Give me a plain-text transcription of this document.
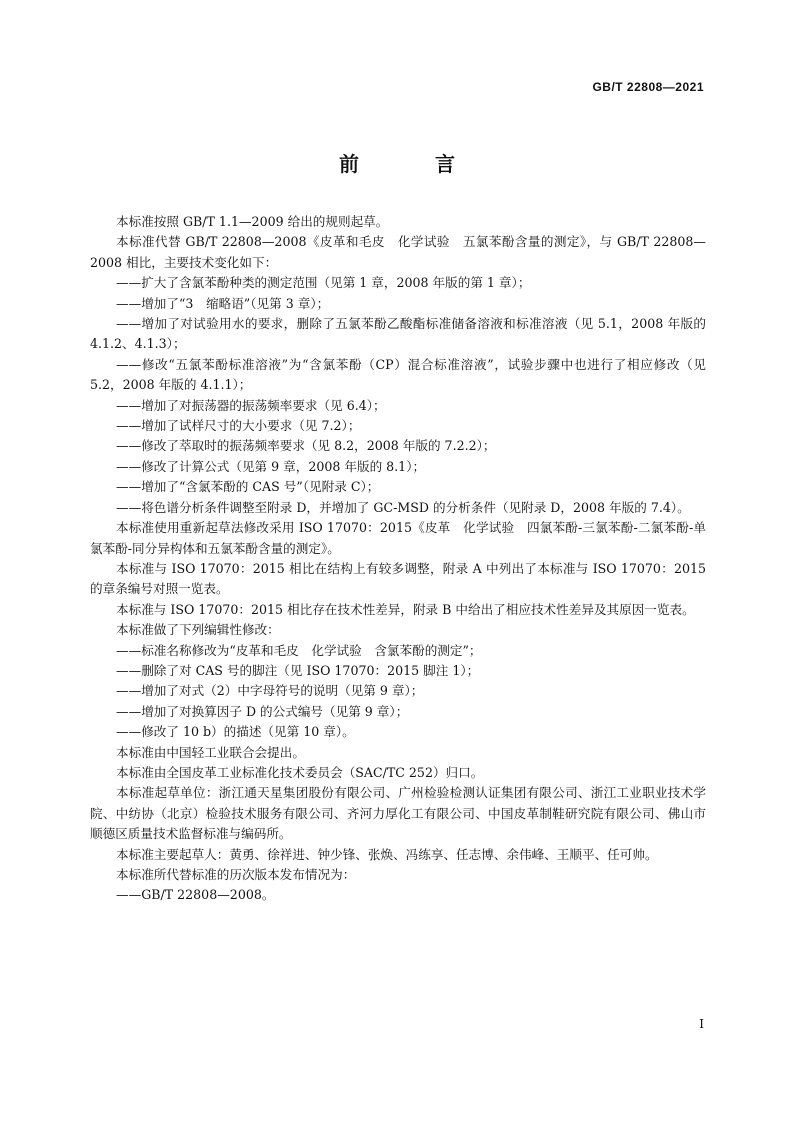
GB/T 22808—2021
前　言

本标准按照 GB/T 1.1—2009 给出的规则起草。

本标准代替 GB/T 22808—2008《皮革和毛皮　化学试验　五氯苯酚含量的测定》，与 GB/T 22808—2008 相比，主要技术变化如下：

——扩大了含氯苯酚种类的测定范围（见第 1 章，2008 年版的第 1 章）；

——增加了“3　缩略语”（见第 3 章）；

——增加了对试验用水的要求，删除了五氯苯酚乙酸酯标准储备溶液和标准溶液（见 5.1，2008 年版的 4.1.2、4.1.3）；

——修改“五氯苯酚标准溶液”为“含氯苯酚（CP）混合标准溶液”，试验步骤中也进行了相应修改（见 5.2，2008 年版的 4.1.1）；

——增加了对振荡器的振荡频率要求（见 6.4）；

——增加了试样尺寸的大小要求（见 7.2）；

——修改了萃取时的振荡频率要求（见 8.2，2008 年版的 7.2.2）；

——修改了计算公式（见第 9 章，2008 年版的 8.1）；

——增加了“含氯苯酚的 CAS 号”（见附录 C）；

——将色谱分析条件调整至附录 D，并增加了 GC-MSD 的分析条件（见附录 D，2008 年版的 7.4）。

本标准使用重新起草法修改采用 ISO 17070：2015《皮革　化学试验　四氯苯酚-三氯苯酚-二氯苯酚-单氯苯酚-同分异构体和五氯苯酚含量的测定》。

本标准与 ISO 17070：2015 相比在结构上有较多调整，附录 A 中列出了本标准与 ISO 17070：2015 的章条编号对照一览表。

本标准与 ISO 17070：2015 相比存在技术性差异，附录 B 中给出了相应技术性差异及其原因一览表。

本标准做了下列编辑性修改：

——标准名称修改为“皮革和毛皮　化学试验　含氯苯酚的测定”；

——删除了对 CAS 号的脚注（见 ISO 17070：2015 脚注 1）；

——增加了对式（2）中字母符号的说明（见第 9 章）；

——增加了对换算因子 D 的公式编号（见第 9 章）；

——修改了 10 b）的描述（见第 10 章）。

本标准由中国轻工业联合会提出。

本标准由全国皮革工业标准化技术委员会（SAC/TC 252）归口。

本标准起草单位：浙江通天星集团股份有限公司、广州检验检测认证集团有限公司、浙江工业职业技术学院、中纺协（北京）检验技术服务有限公司、齐河力厚化工有限公司、中国皮革制鞋研究院有限公司、佛山市顺德区质量技术监督标准与编码所。

本标准主要起草人：黄勇、徐祥进、钟少锋、张焕、冯练享、任志博、余伟峰、王顺平、任可帅。

本标准所代替标准的历次版本发布情况为：

——GB/T 22808—2008。

I
